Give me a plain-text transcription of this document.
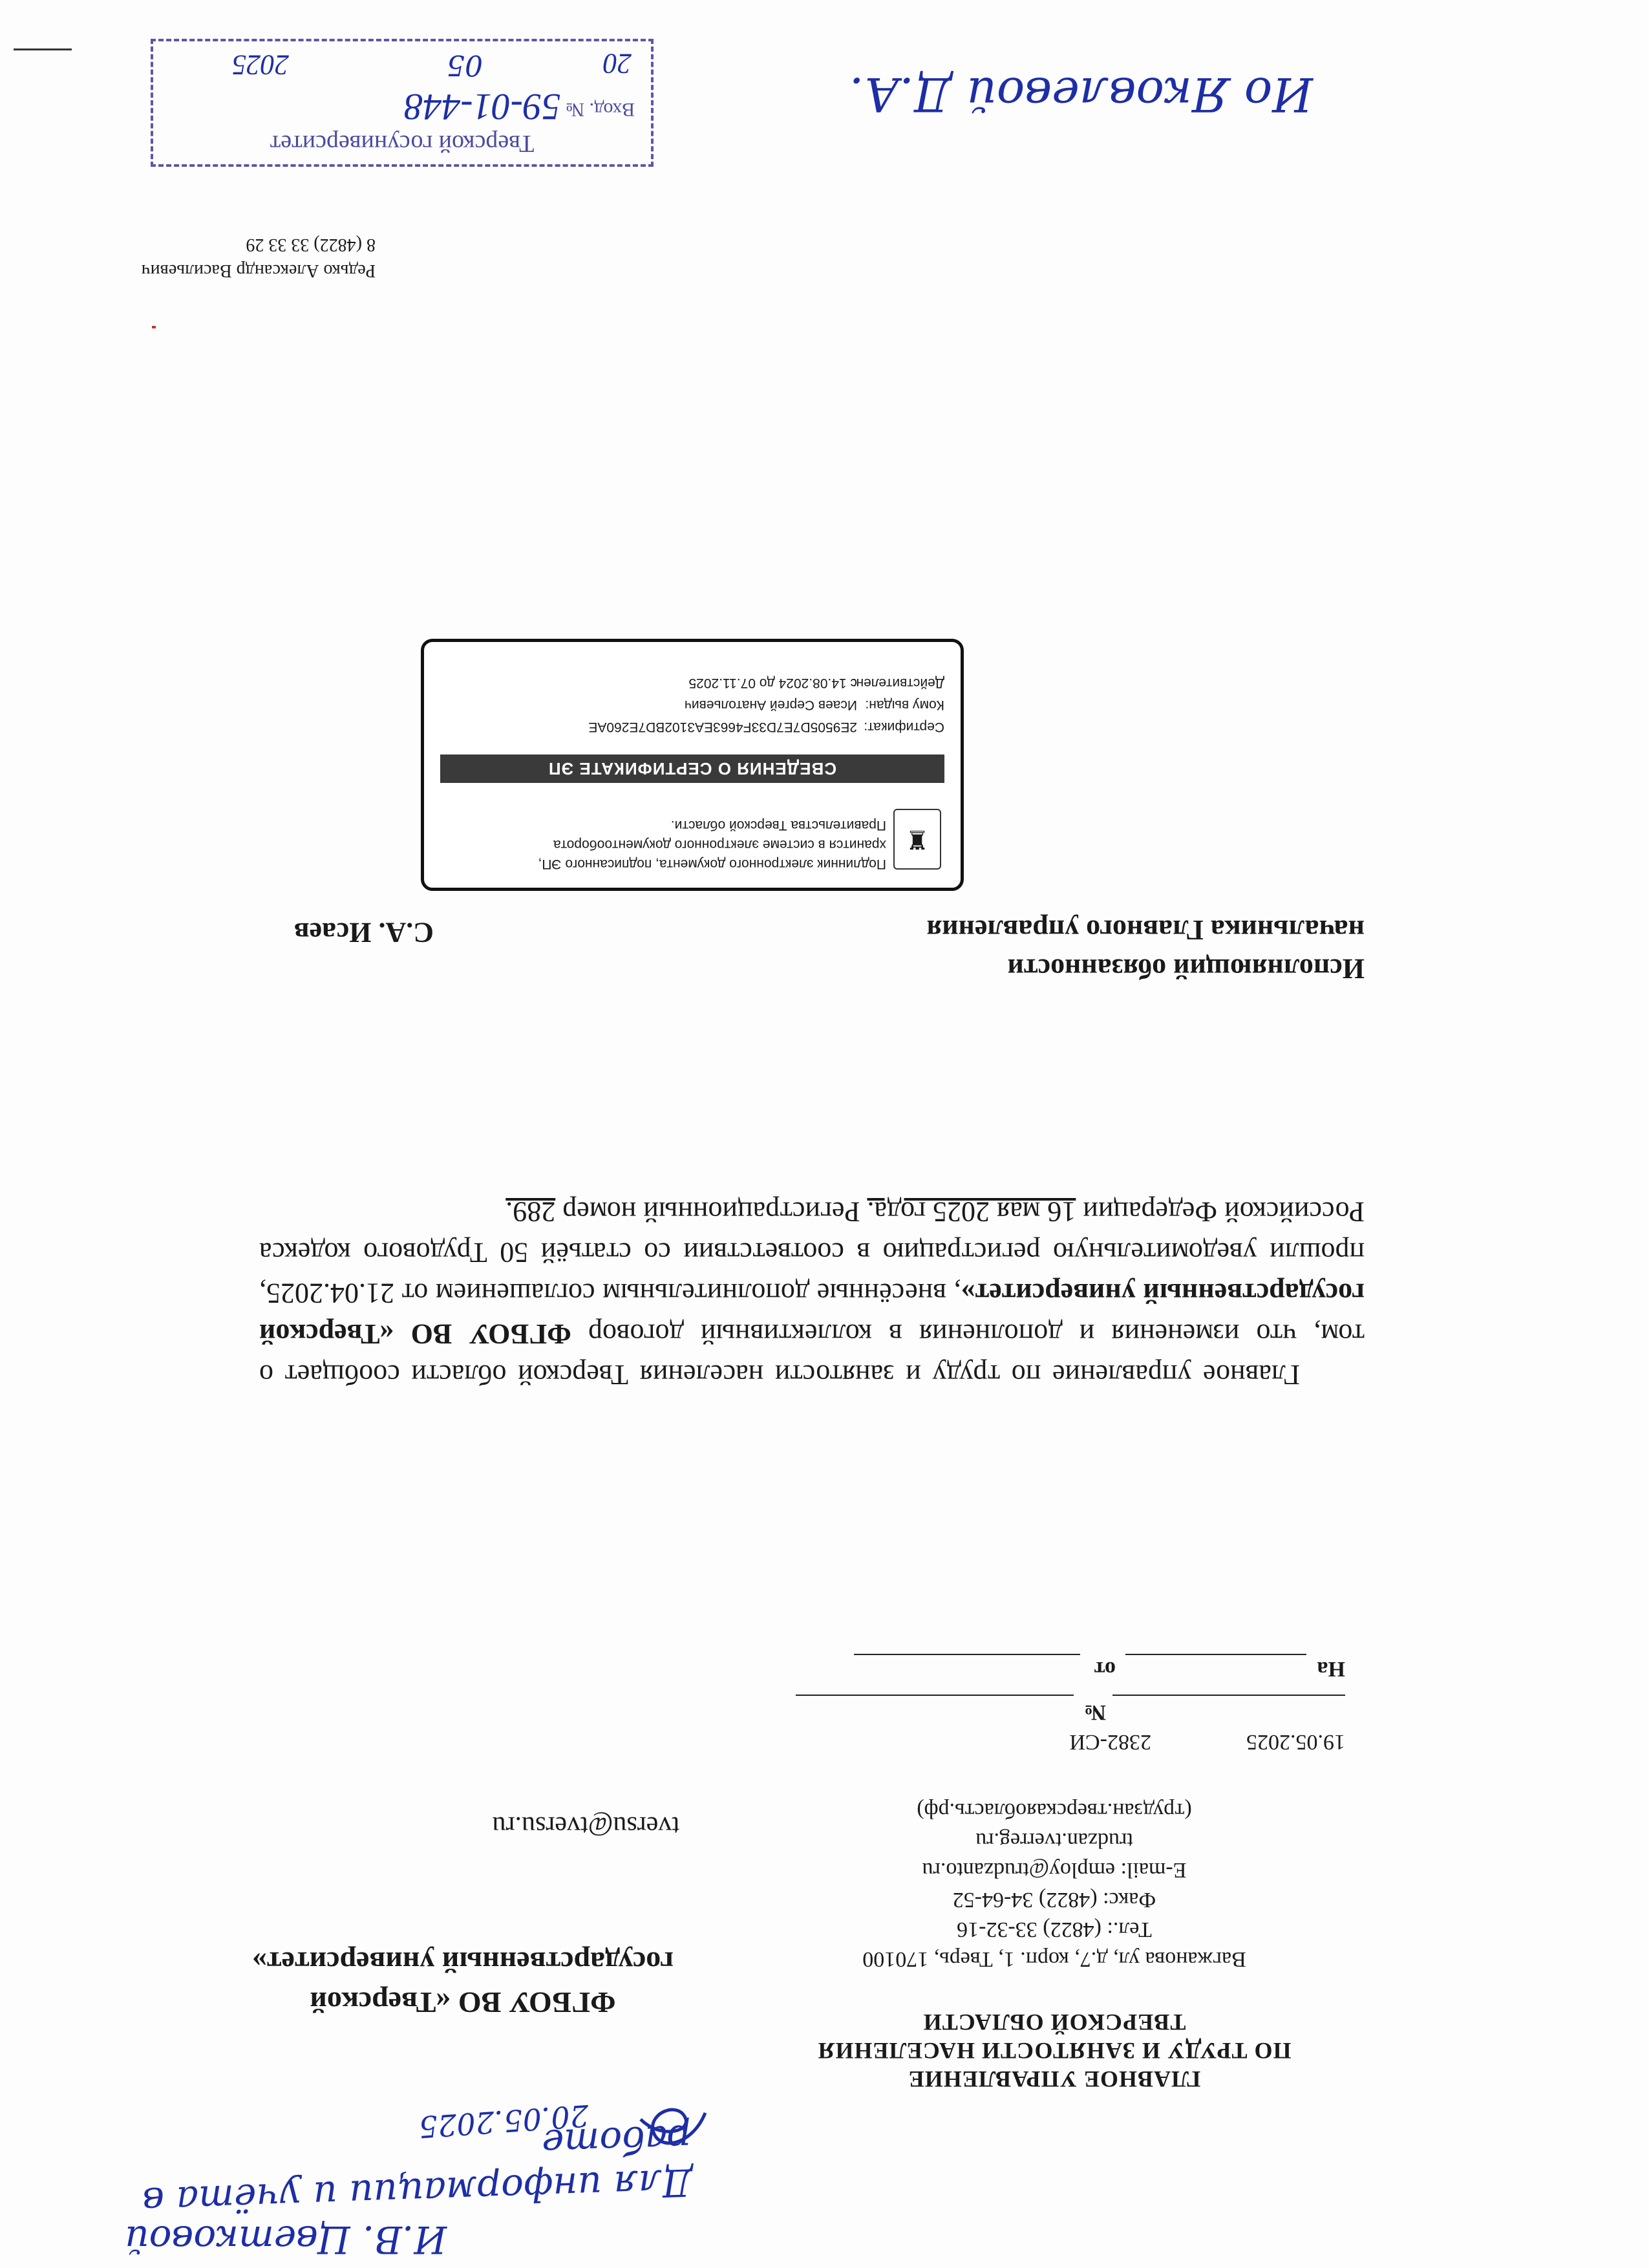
ГЛАВНОЕ УПРАВЛЕНИЕ
ПО ТРУДУ И ЗАНЯТОСТИ НАСЕЛЕНИЯ
ТВЕРСКОЙ ОБЛАСТИ
Вагжанова ул, д.7, корп. 1, Тверь, 170100
Тел.: (4822) 33-32-16
Факс: (4822) 34-64-52
E-mail: employ@trudzanto.ru
trudzan.tverreg.ru
(трудзан.тверскаяобласть.рф)
19.05.2025
2382-СИ
№
На
от
ФГБОУ ВО «Тверской
государственный университет»
tversu@tversu.ru
20.05.2025
Для информации и учёта в работе
И.В. Цветковой

Главное управление по труду и занятости населения Тверской области сообщает о том, что изменения и дополнения в коллективный договор ФГБОУ ВО «Тверской государственный университет», внесённые дополнительным соглашением от 21.04.2025, прошли уведомительную регистрацию в соответствии со статьёй 50 Трудового кодекса Российской Федерации 16 мая 2025 года. Регистрационный номер 289.

Исполняющий обязанности
начальника Главного управления
С.А. Исаев
♜
Подлинник электронного документа, подписанного ЭП,
хранится в системе электронного документооборота
Правительства Тверской области.
СВЕДЕНИЯ О СЕРТИФИКАТЕ ЭП
Сертификат:2E9505D7E7D33F4663EA3102BD7E260AE
Кому выдан:Исаев Сергей Анатольевич
Действителен:с 14.08.2024 до 07.11.2025
Редько Александр Васильевич
8 (4822) 33 33 29
Тверской госуниверситет
Вход. №
59-01-448
20
05
2025
Ио Яковлевой Д.А.
